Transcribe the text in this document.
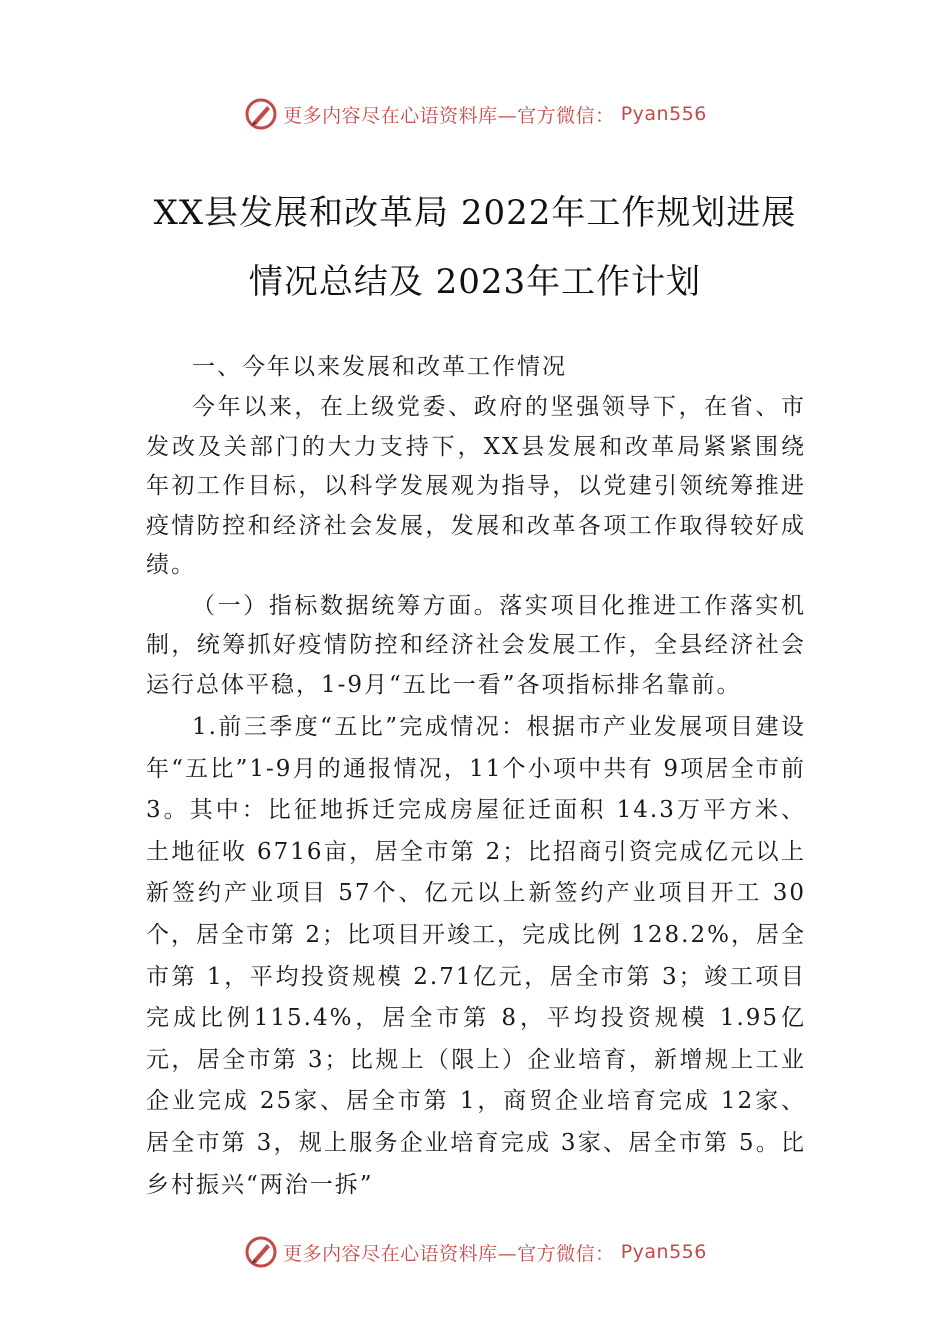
更多内容尽在心语资料库— 官方微信： Pyan556
XX县发展和改革局 2022年工作规划进展
情况总结及 2023年工作计划

一、今年以来发展和改革工作情况

今年以来，在上级党委、政府的坚强领导下，在省、市发改及关部门的大力支持下，XX县发展和改革局紧紧围绕年初工作目标，以科学发展观为指导，以党建引领统筹推进疫情防控和经济社会发展，发展和改革各项工作取得较好成绩。

（一）指标数据统筹方面。落实项目化推进工作落实机制，统筹抓好疫情防控和经济社会发展工作，全县经济社会运行总体平稳，1-9月“五比一看”各项指标排名靠前。

1.前三季度“五比”完成情况：根据市产业发展项目建设年“五比”1-9月的通报情况，11个小项中共有 9项居全市前 3。其中：比征地拆迁完成房屋征迁面积 14.3万平方米、土地征收 6716亩，居全市第 2；比招商引资完成亿元以上新签约产业项目 57个、亿元以上新签约产业项目开工 30个，居全市第 2；比项目开竣工，完成比例 128.2%，居全市第 1，平均投资规模 2.71亿元，居全市第 3；竣工项目完成比例115.4%，居全市第 8，平均投资规模 1.95亿元，居全市第 3；比规上（限上）企业培育，新增规上工业企业完成 25家、居全市第 1，商贸企业培育完成 12家、居全市第 3，规上服务企业培育完成 3家、居全市第 5。比乡村振兴“两治一拆”

更多内容尽在心语资料库— 官方微信： Pyan556
